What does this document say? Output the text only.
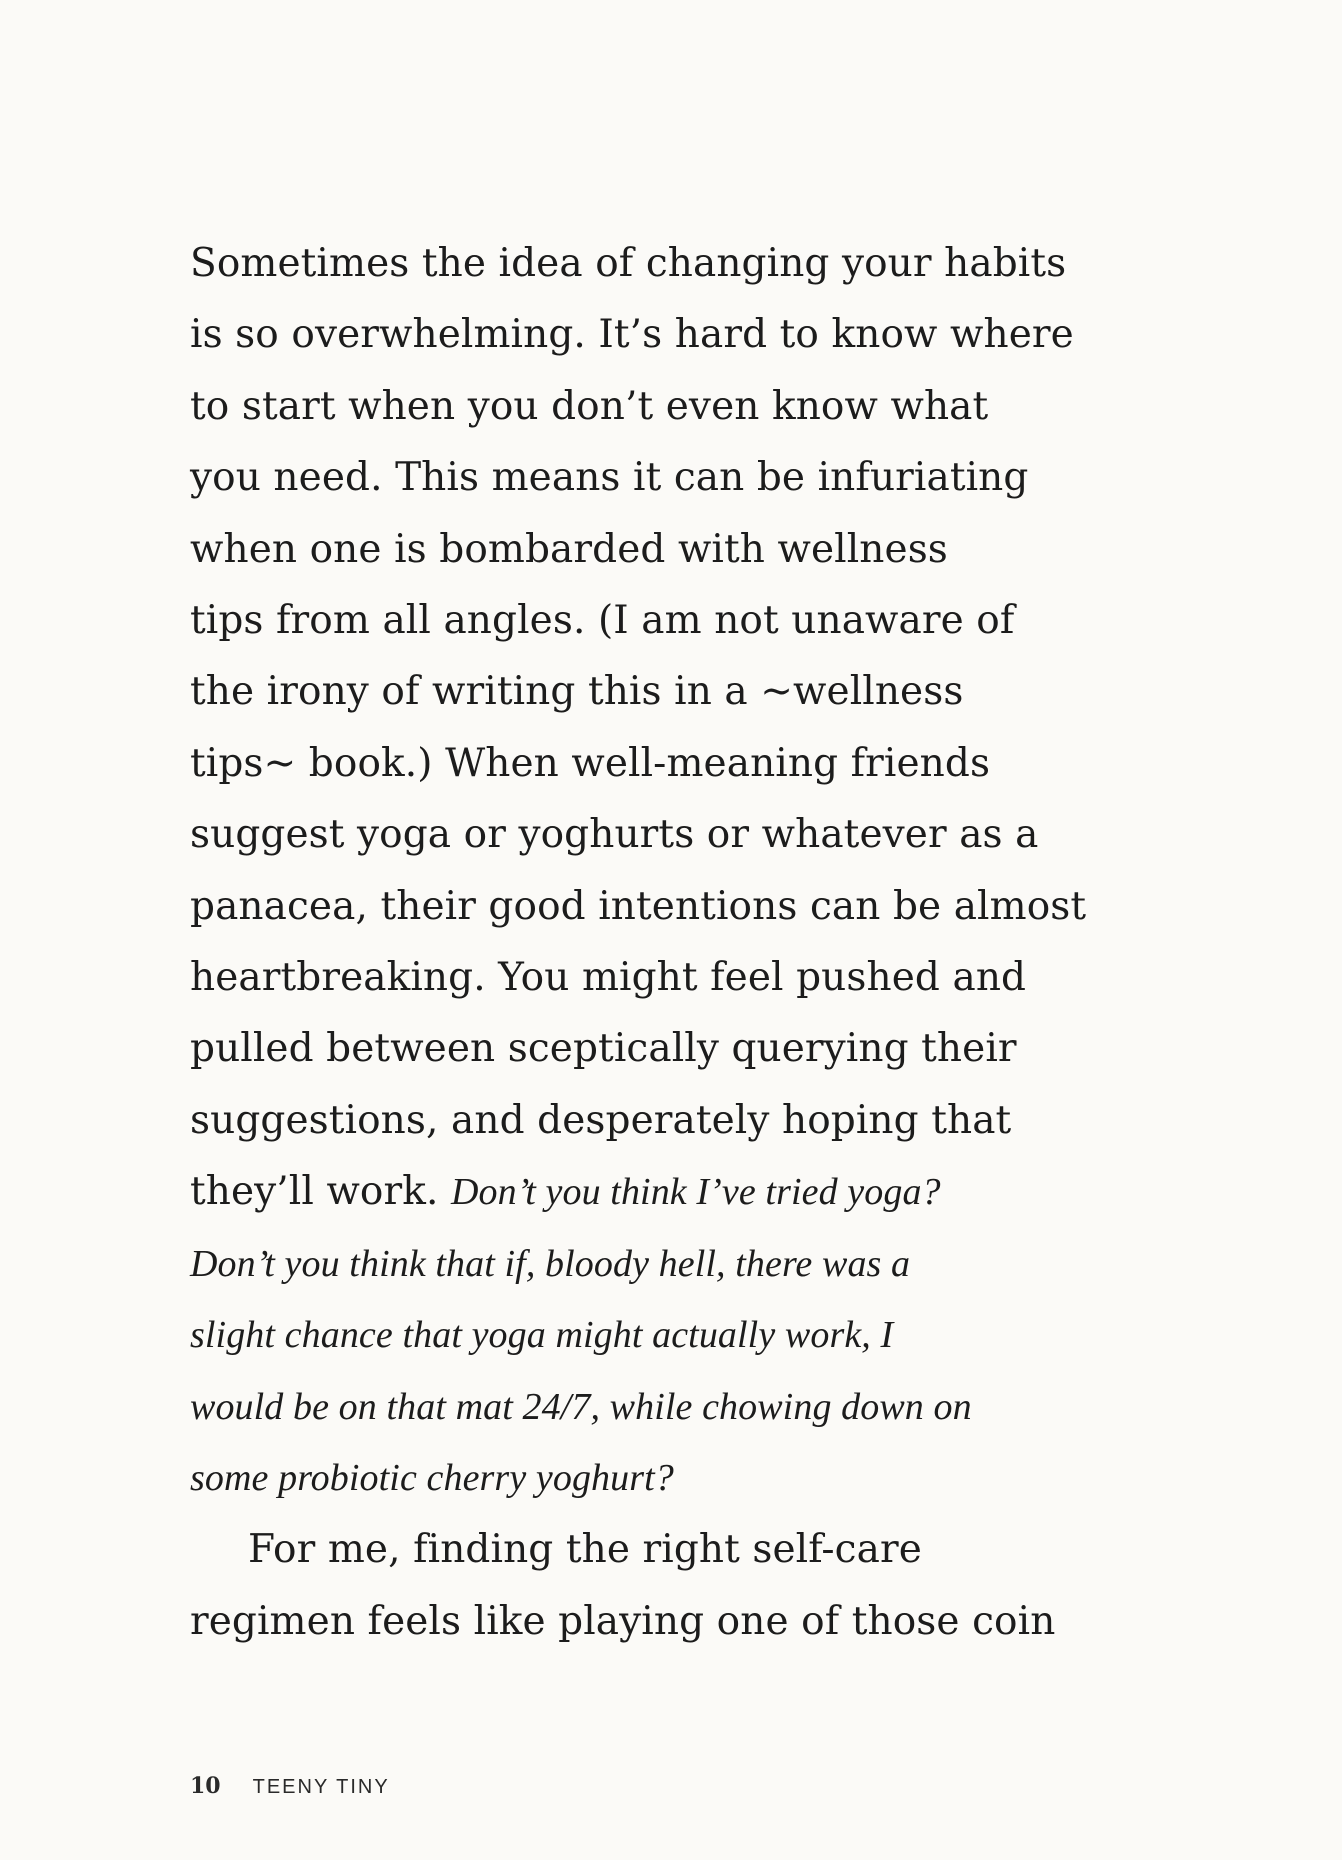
Sometimes the idea of changing your habits
is so overwhelming. It’s hard to know where
to start when you don’t even know what
you need. This means it can be infuriating
when one is bombarded with wellness
tips from all angles. (I am not unaware of
the irony of writing this in a ~wellness
tips~ book.) When well-meaning friends
suggest yoga or yoghurts or whatever as a
panacea, their good intentions can be almost
heartbreaking. You might feel pushed and
pulled between sceptically querying their
suggestions, and desperately hoping that
they’ll work. Don’t you think I’ve tried yoga?
Don’t you think that if, bloody hell, there was a
slight chance that yoga might actually work, I
would be on that mat 24/7, while chowing down on
some probiotic cherry yoghurt?
For me, finding the right self-care
regimen feels like playing one of those coin
10 TEENY TINY
